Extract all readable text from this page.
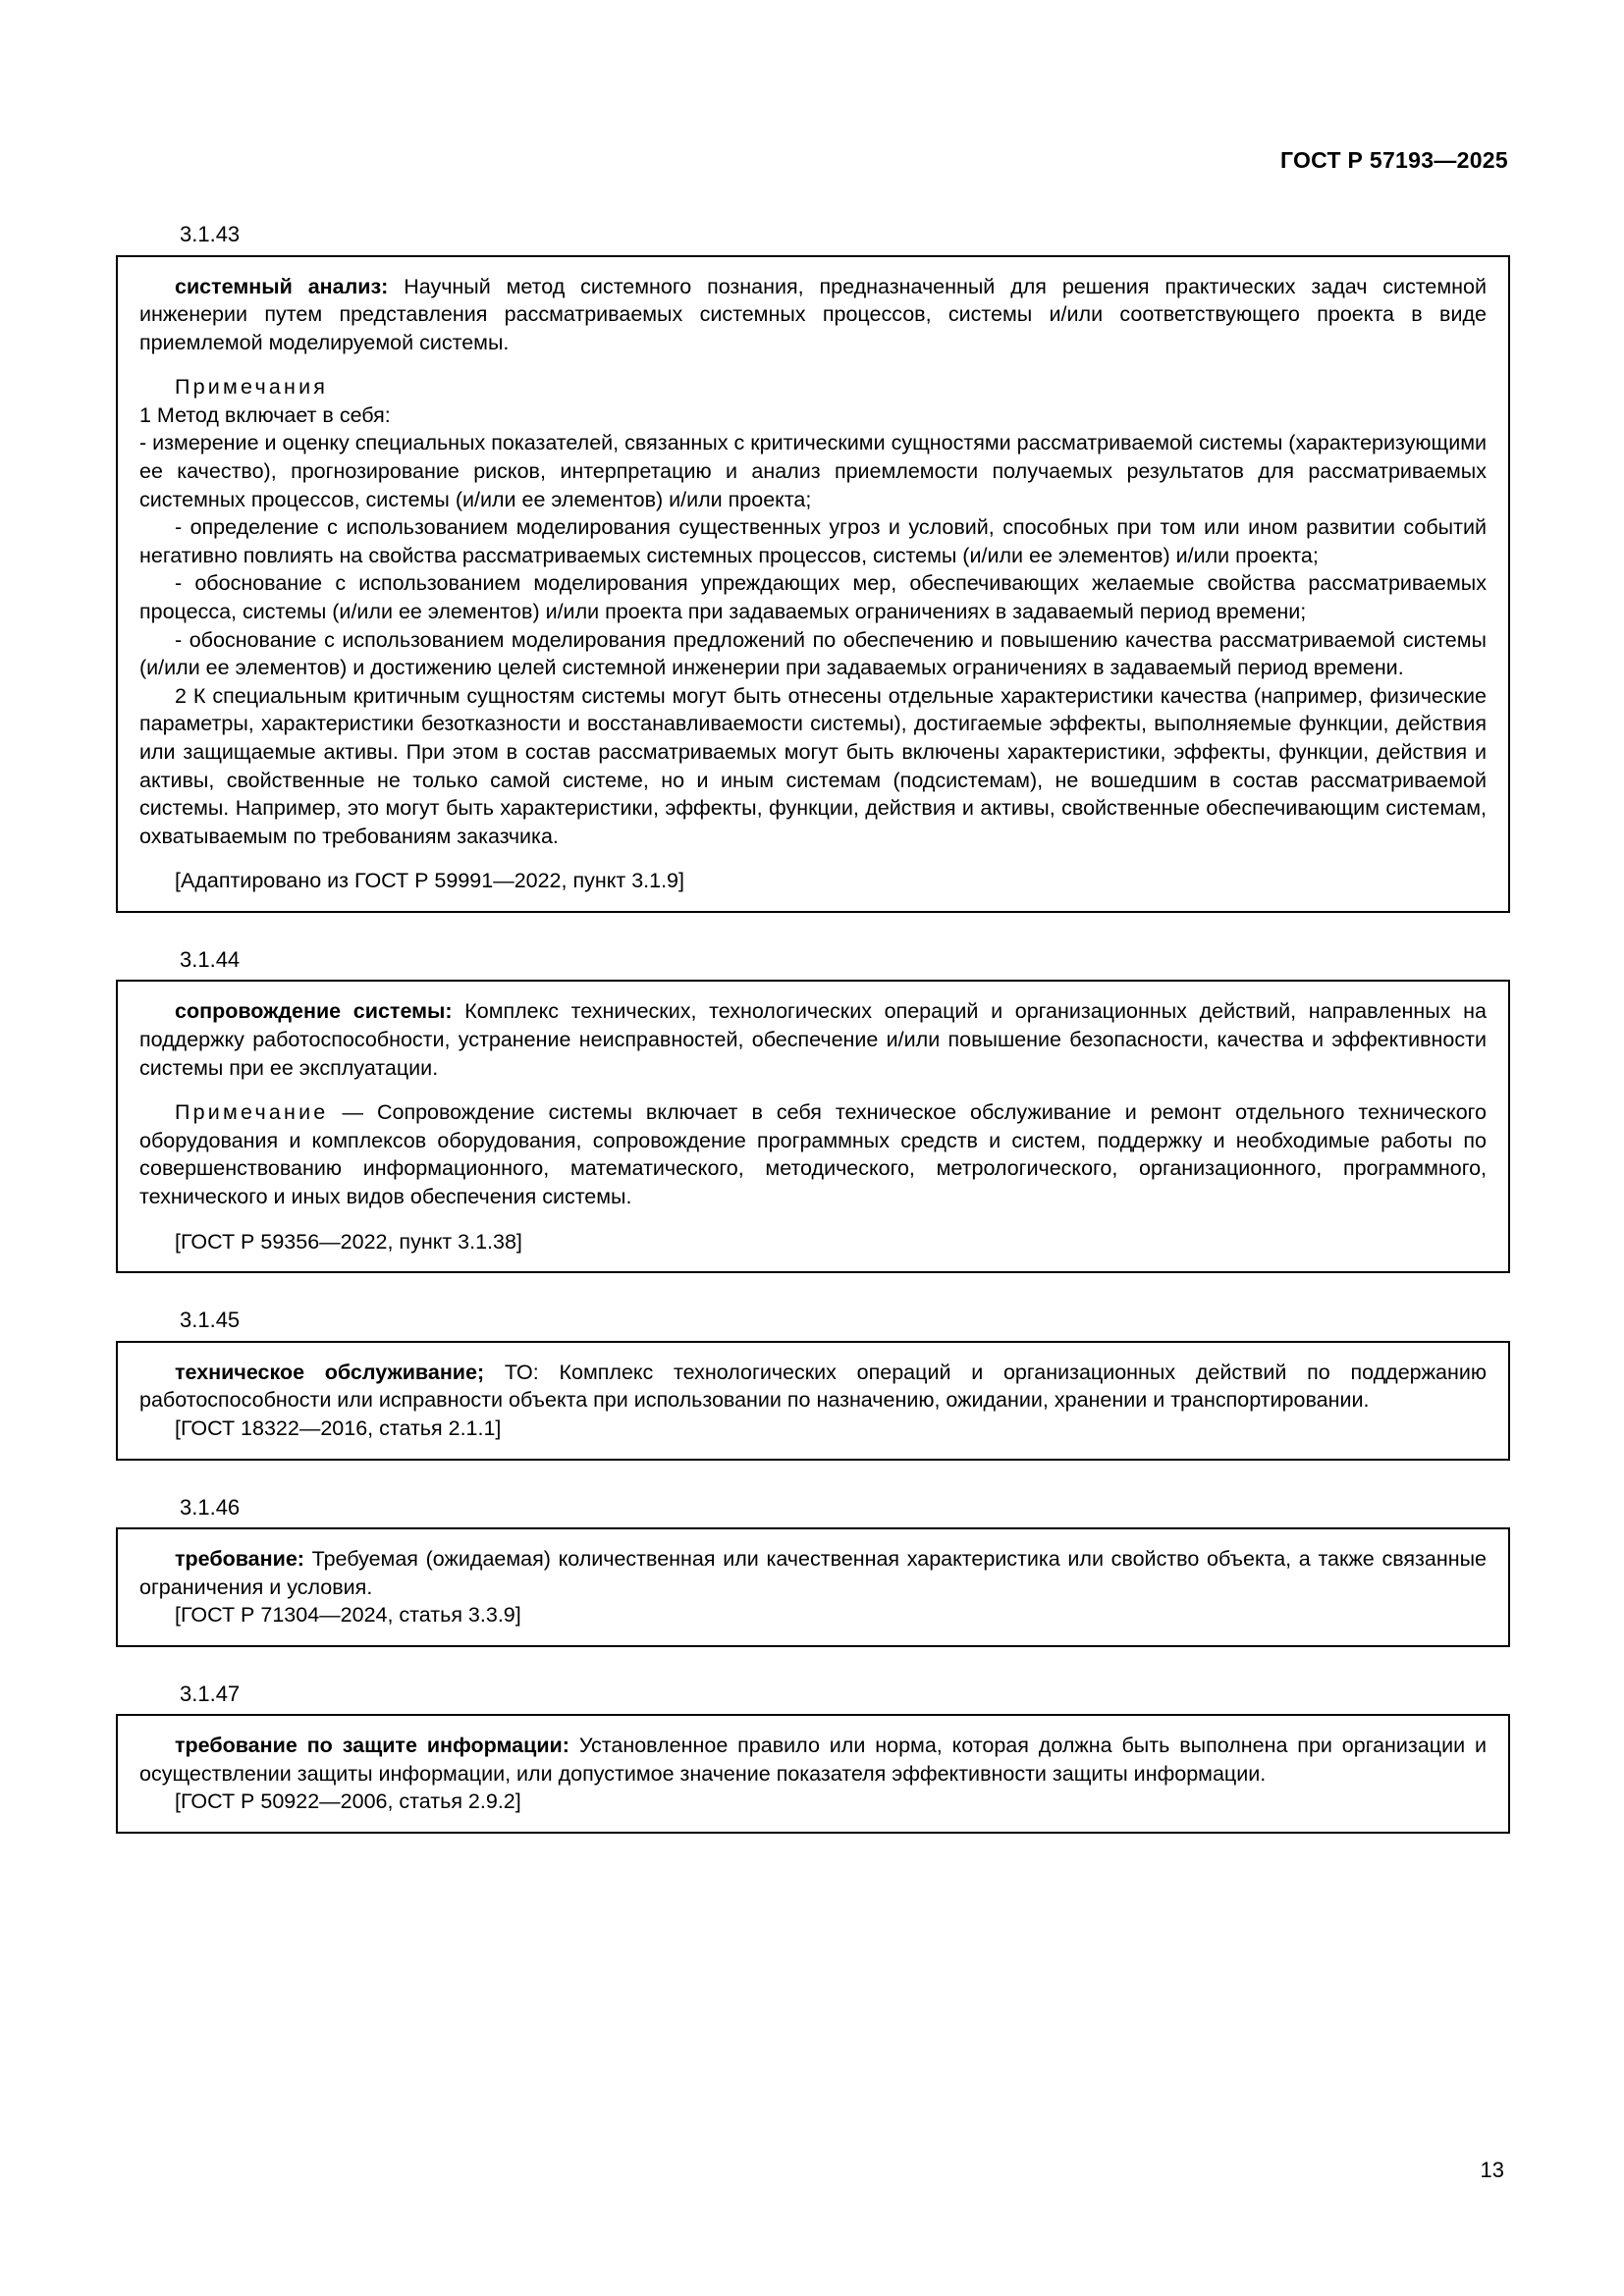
ГОСТ Р 57193—2025
3.1.43

системный анализ: Научный метод системного познания, предназначенный для решения практических задач системной инженерии путем представления рассматриваемых системных процессов, системы и/или соответствующего проекта в виде приемлемой моделируемой системы.

Примечания

1 Метод включает в себя:

- измерение и оценку специальных показателей, связанных с критическими сущностями рассматриваемой системы (характеризующими ее качество), прогнозирование рисков, интерпретацию и анализ приемлемости получаемых результатов для рассматриваемых системных процессов, системы (и/или ее элементов) и/или проекта;

- определение с использованием моделирования существенных угроз и условий, способных при том или ином развитии событий негативно повлиять на свойства рассматриваемых системных процессов, системы (и/или ее элементов) и/или проекта;

- обоснование с использованием моделирования упреждающих мер, обеспечивающих желаемые свойства рассматриваемых процесса, системы (и/или ее элементов) и/или проекта при задаваемых ограничениях в задаваемый период времени;

- обоснование с использованием моделирования предложений по обеспечению и повышению качества рассматриваемой системы (и/или ее элементов) и достижению целей системной инженерии при задаваемых ограничениях в задаваемый период времени.

2 К специальным критичным сущностям системы могут быть отнесены отдельные характеристики качества (например, физические параметры, характеристики безотказности и восстанавливаемости системы), достигаемые эффекты, выполняемые функции, действия или защищаемые активы. При этом в состав рассматриваемых могут быть включены характеристики, эффекты, функции, действия и активы, свойственные не только самой системе, но и иным системам (подсистемам), не вошедшим в состав рассматриваемой системы. Например, это могут быть характеристики, эффекты, функции, действия и активы, свойственные обеспечивающим системам, охватываемым по требованиям заказчика.

[Адаптировано из ГОСТ Р 59991—2022, пункт 3.1.9]

3.1.44

сопровождение системы: Комплекс технических, технологических операций и организационных действий, направленных на поддержку работоспособности, устранение неисправностей, обеспечение и/или повышение безопасности, качества и эффективности системы при ее эксплуатации.

Примечание — Сопровождение системы включает в себя техническое обслуживание и ремонт отдельного технического оборудования и комплексов оборудования, сопровождение программных средств и систем, поддержку и необходимые работы по совершенствованию информационного, математического, методического, метрологического, организационного, программного, технического и иных видов обеспечения системы.

[ГОСТ Р 59356—2022, пункт 3.1.38]

3.1.45

техническое обслуживание; ТО: Комплекс технологических операций и организационных действий по поддержанию работоспособности или исправности объекта при использовании по назначению, ожидании, хранении и транспортировании.

[ГОСТ 18322—2016, статья 2.1.1]

3.1.46

требование: Требуемая (ожидаемая) количественная или качественная характеристика или свойство объекта, а также связанные ограничения и условия.

[ГОСТ Р 71304—2024, статья 3.3.9]

3.1.47

требование по защите информации: Установленное правило или норма, которая должна быть выполнена при организации и осуществлении защиты информации, или допустимое значение показателя эффективности защиты информации.

[ГОСТ Р 50922—2006, статья 2.9.2]

13
